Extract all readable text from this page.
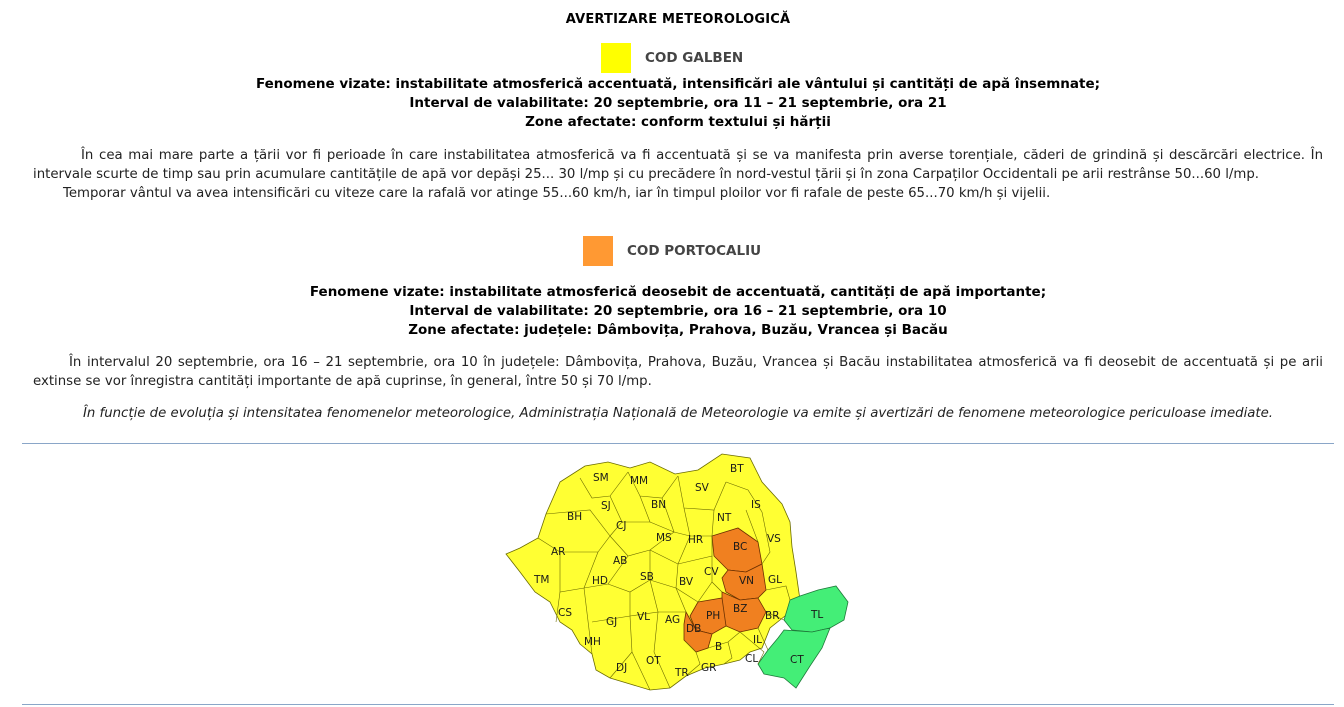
AVERTIZARE METEOROLOGICĂ
COD GALBEN
Fenomene vizate: instabilitate atmosferică accentuată, intensificări ale vântului și cantități de apă însemnate;
Interval de valabilitate: 20 septembrie, ora 11 – 21 septembrie, ora 21
Zone afectate: conform textului și hărții

În cea mai mare parte a țării vor fi perioade în care instabilitatea atmosferică va fi accentuată și se va manifesta prin averse torențiale, căderi de grindină și descărcări electrice. În intervale scurte de timp sau prin acumulare cantitățile de apă vor depăși 25... 30 l/mp și cu precădere în nord-vestul țării și în zona Carpaților Occidentali pe arii restrânse 50...60 l/mp.

Temporar vântul va avea intensificări cu viteze care la rafală vor atinge 55...60 km/h, iar în timpul ploilor vor fi rafale de peste 65...70 km/h și vijelii.

COD PORTOCALIU
Fenomene vizate: instabilitate atmosferică deosebit de accentuată, cantități de apă importante;
Interval de valabilitate: 20 septembrie, ora 16 – 21 septembrie, ora 10
Zone afectate: județele: Dâmbovița, Prahova, Buzău, Vrancea și Bacău

În intervalul 20 septembrie, ora 16 – 21 septembrie, ora 10 în județele: Dâmbovița, Prahova, Buzău, Vrancea și Bacău instabilitatea atmosferică va fi deosebit de accentuată și pe arii extinse se vor înregistra cantități importante de apă cuprinse, în general, între 50 și 70 l/mp.

În funcție de evoluția și intensitatea fenomenelor meteorologice, Administrația Națională de Meteorologie va emite și avertizări de fenomene meteorologice periculoase imediate.
SM MM
BT
SV
IS
BN
SJ
BH
CJ
NT
BC
VS
MS HR
AR
AB
TM	HD	SB BV
CV
VN GL
CS
GJ VL AG PH
BZ
BR	TL
DB
IL
MH	B
CL	CT
DJ
OT
GR
TR
